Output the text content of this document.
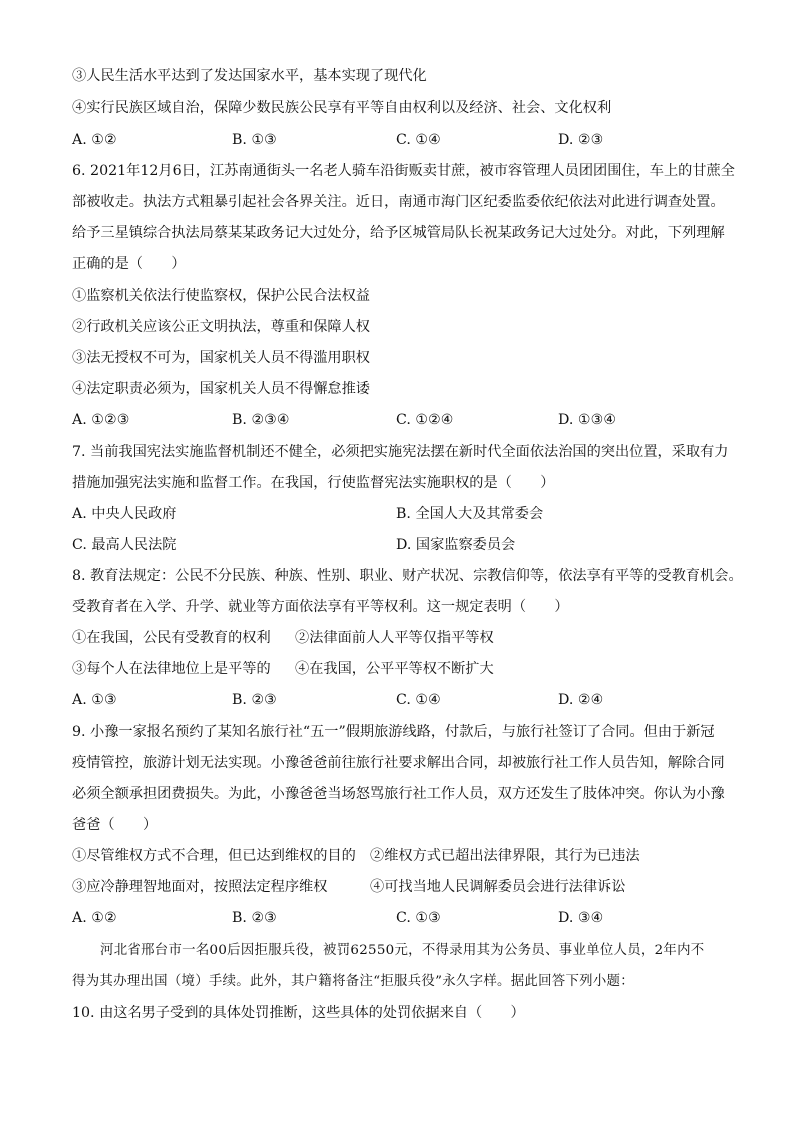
③人民生活水平达到了发达国家水平，基本实现了现代化
④实行民族区域自治，保障少数民族公民享有平等自由权利以及经济、社会、文化权利
A. ①②	B. ①③	C. ①④	D. ②③
6. 2021年12月6日，江苏南通街头一名老人骑车沿街贩卖甘蔗，被市容管理人员团团围住，车上的甘蔗全
部被收走。执法方式粗暴引起社会各界关注。近日，南通市海门区纪委监委依纪依法对此进行调查处置。
给予三星镇综合执法局蔡某某政务记大过处分，给予区城管局队长祝某政务记大过处分。对此，下列理解
正确的是（　　）
①监察机关依法行使监察权，保护公民合法权益
②行政机关应该公正文明执法，尊重和保障人权
③法无授权不可为，国家机关人员不得滥用职权
④法定职责必须为，国家机关人员不得懈怠推诿
A. ①②③	B. ②③④	C. ①②④	D. ①③④
7. 当前我国宪法实施监督机制还不健全，必须把实施宪法摆在新时代全面依法治国的突出位置，采取有力
措施加强宪法实施和监督工作。在我国，行使监督宪法实施职权的是（　　）
A. 中央人民政府	B. 全国人大及其常委会
C. 最高人民法院	D. 国家监察委员会
8. 教育法规定：公民不分民族、种族、性别、职业、财产状况、宗教信仰等，依法享有平等的受教育机会。
受教育者在入学、升学、就业等方面依法享有平等权利。这一规定表明（　　）
①在我国，公民有受教育的权利 ②法律面前人人平等仅指平等权
③每个人在法律地位上是平等的 ④在我国，公平平等权不断扩大
A. ①③	B. ②③	C. ①④	D. ②④
9. 小豫一家报名预约了某知名旅行社“五一”假期旅游线路，付款后，与旅行社签订了合同。但由于新冠
疫情管控，旅游计划无法实现。小豫爸爸前往旅行社要求解出合同，却被旅行社工作人员告知，解除合同
必须全额承担团费损失。为此，小豫爸爸当场怒骂旅行社工作人员，双方还发生了肢体冲突。你认为小豫
爸爸（　　）
①尽管维权方式不合理，但已达到维权的目的 ②维权方式已超出法律界限，其行为已违法
③应冷静理智地面对，按照法定程序维权	④可找当地人民调解委员会进行法律诉讼
A. ①②	B. ②③	C. ①③	D. ③④
河北省邢台市一名00后因拒服兵役，被罚62550元，不得录用其为公务员、事业单位人员，2年内不
得为其办理出国（境）手续。此外，其户籍将备注“拒服兵役”永久字样。据此回答下列小题：
10. 由这名男子受到的具体处罚推断，这些具体的处罚依据来自（　　）
